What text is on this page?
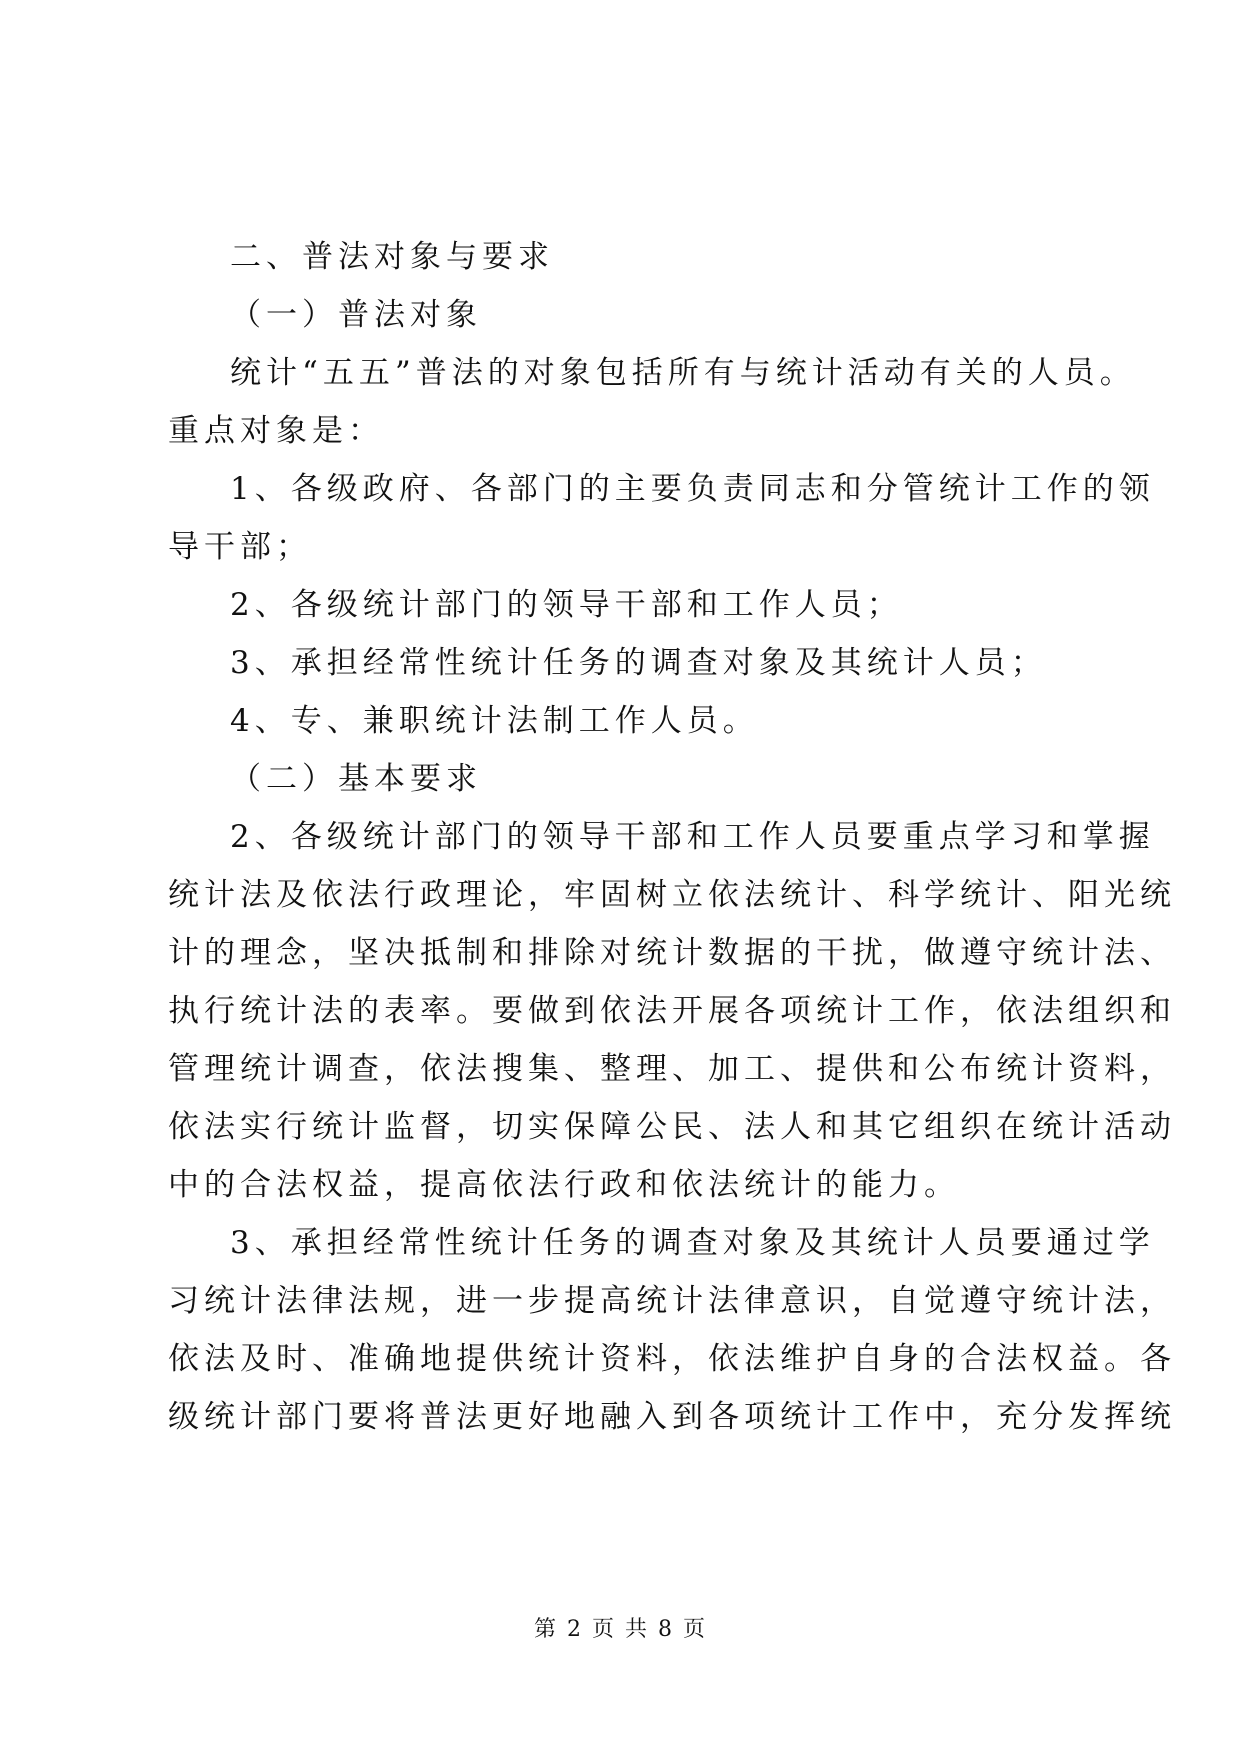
二、普法对象与要求
（一）普法对象
统计“五五”普法的对象包括所有与统计活动有关的人员。
重点对象是：
1、各级政府、各部门的主要负责同志和分管统计工作的领
导干部；
2、各级统计部门的领导干部和工作人员；
3、承担经常性统计任务的调查对象及其统计人员；
4、专、兼职统计法制工作人员。
（二）基本要求
2、各级统计部门的领导干部和工作人员要重点学习和掌握
统计法及依法行政理论，牢固树立依法统计、科学统计、阳光统
计的理念，坚决抵制和排除对统计数据的干扰，做遵守统计法、
执行统计法的表率。要做到依法开展各项统计工作，依法组织和
管理统计调查，依法搜集、整理、加工、提供和公布统计资料，
依法实行统计监督，切实保障公民、法人和其它组织在统计活动
中的合法权益，提高依法行政和依法统计的能力。
3、承担经常性统计任务的调查对象及其统计人员要通过学
习统计法律法规，进一步提高统计法律意识，自觉遵守统计法，
依法及时、准确地提供统计资料，依法维护自身的合法权益。各
级统计部门要将普法更好地融入到各项统计工作中，充分发挥统
第 2 页 共 8 页
